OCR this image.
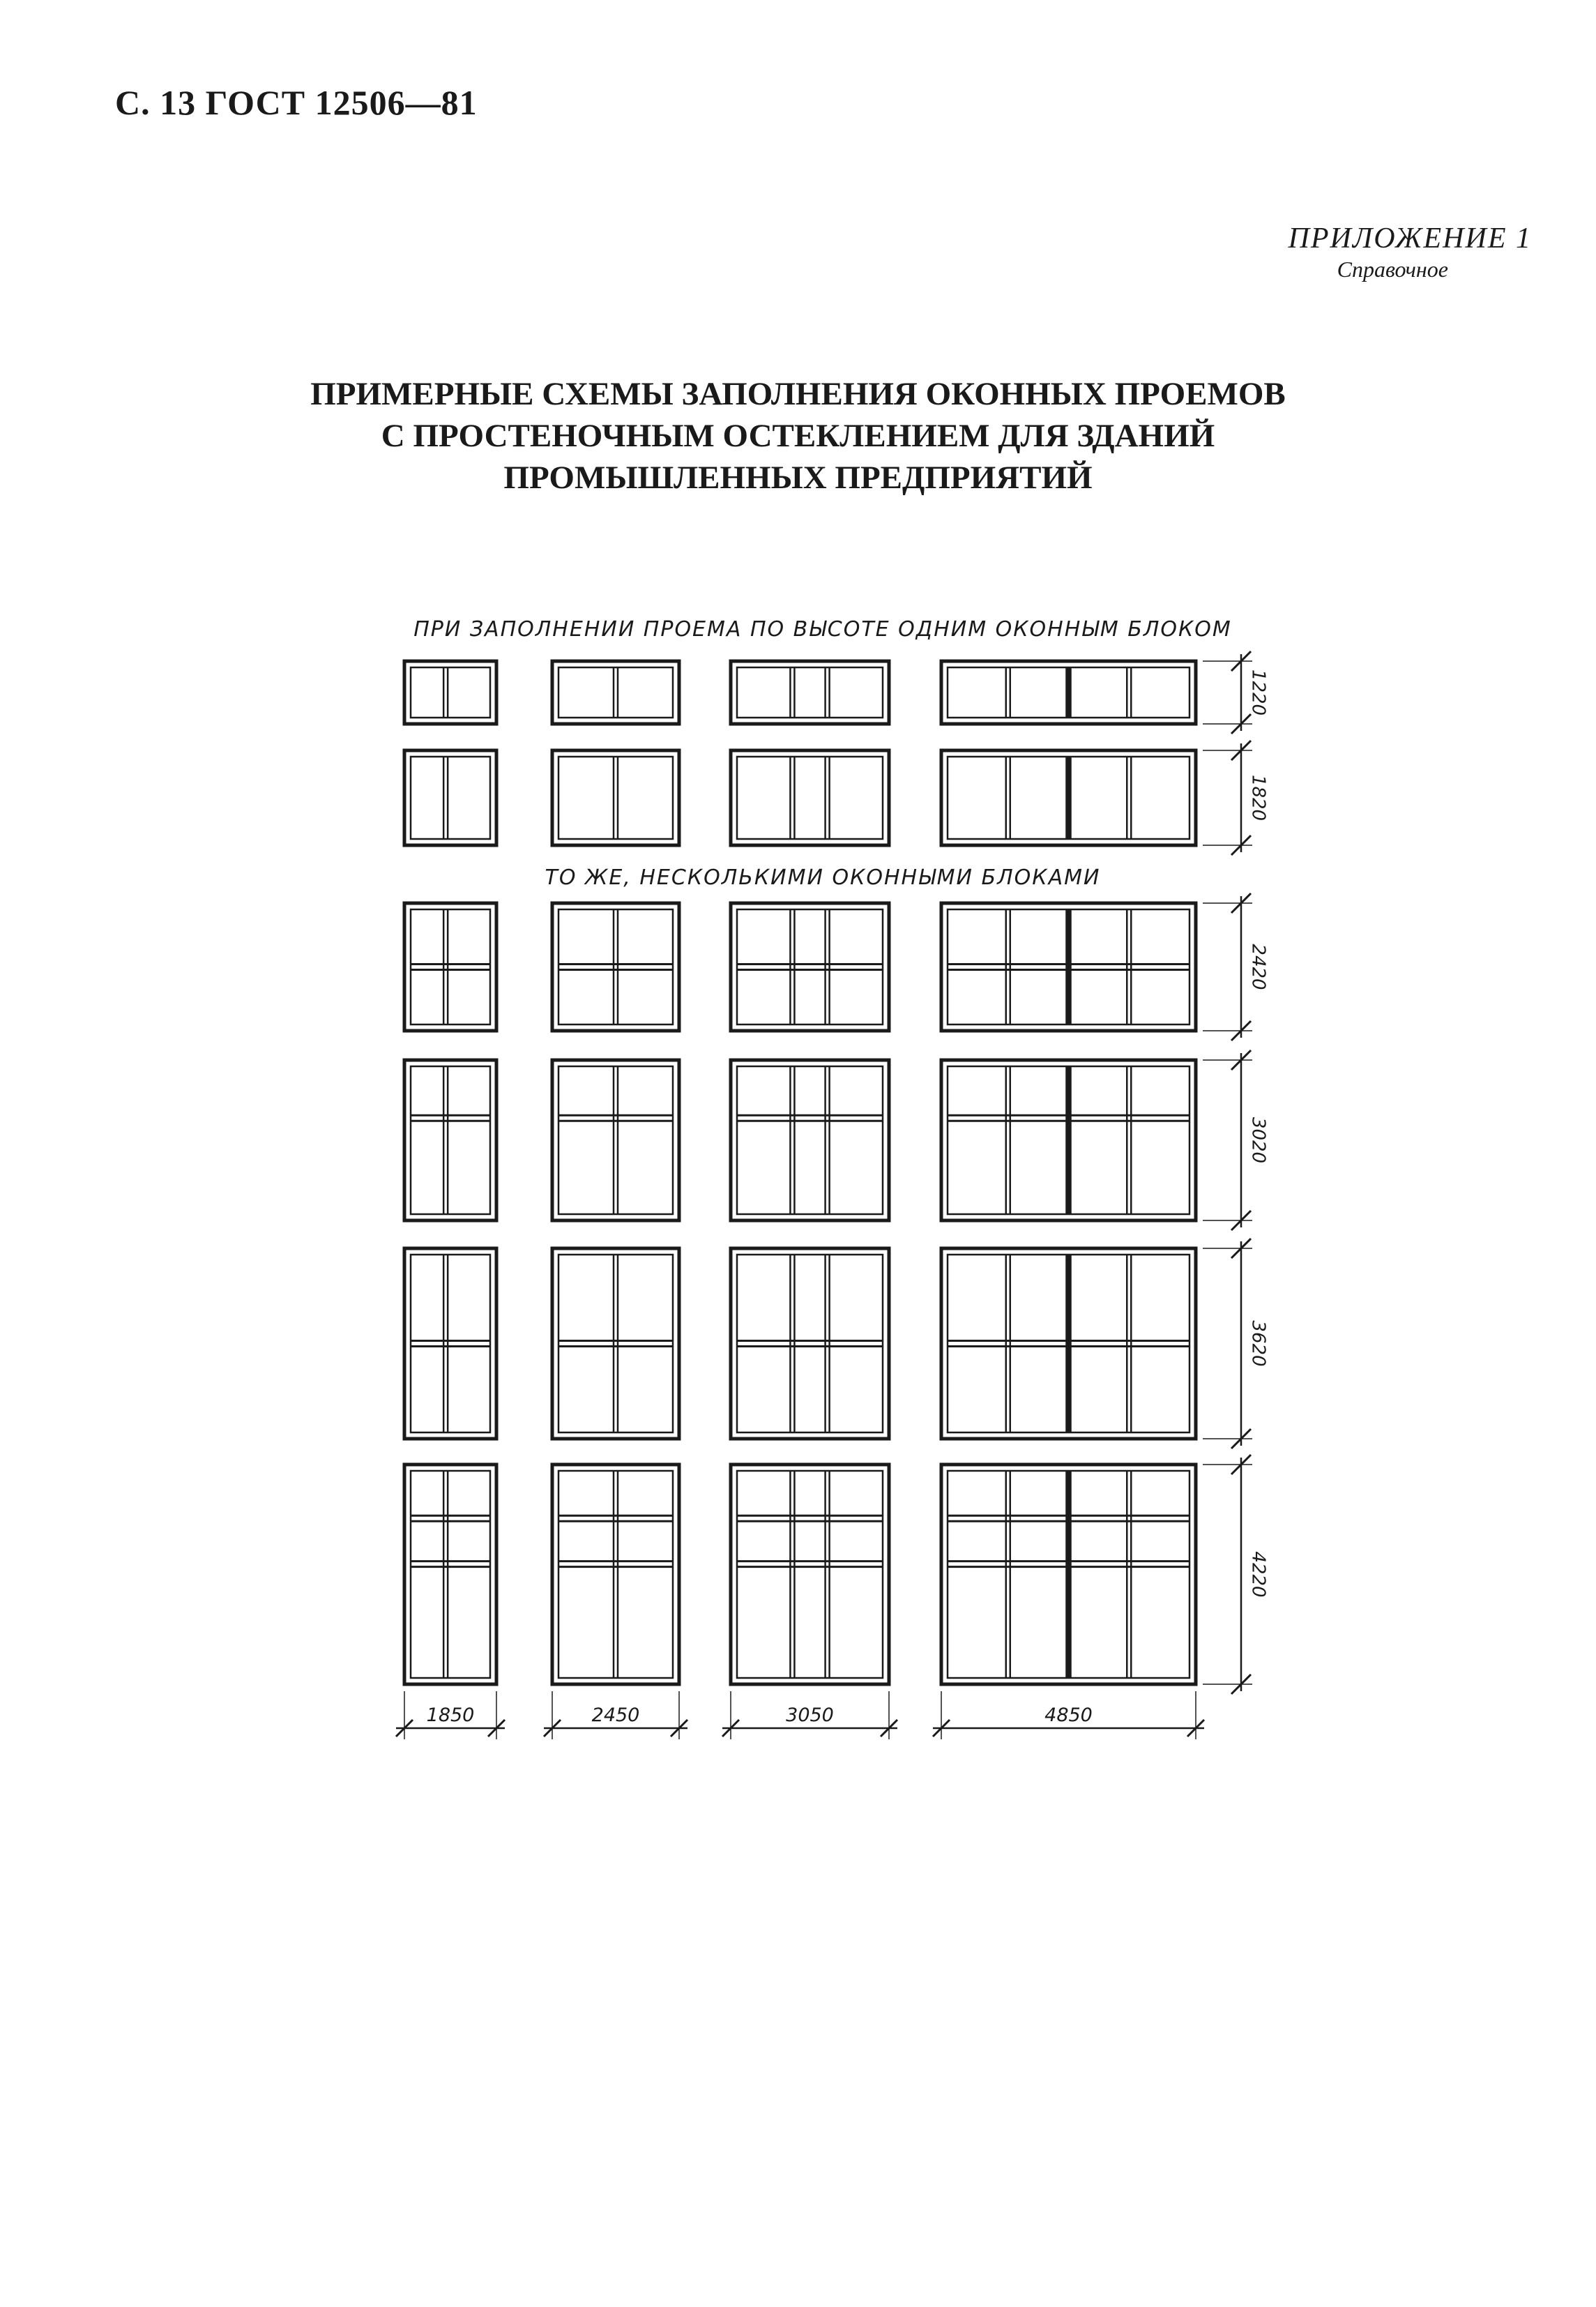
С. 13 ГОСТ 12506—81
ПРИЛОЖЕНИЕ 1
Справочное
ПРИМЕРНЫЕ СХЕМЫ ЗАПОЛНЕНИЯ ОКОННЫХ ПРОЕМОВ
С ПРОСТЕНОЧНЫМ ОСТЕКЛЕНИЕМ ДЛЯ ЗДАНИЙ
ПРОМЫШЛЕННЫХ ПРЕДПРИЯТИЙ
ПРИ ЗАПОЛНЕНИИ ПРОЕМА ПО ВЫСОТЕ ОДНИМ ОКОННЫМ БЛОКОМ
ТО ЖЕ, НЕСКОЛЬКИМИ ОКОННЫМИ БЛОКАМИ
1220
1820
2420
3020
3620
4220
1850	2450	3050	4850
